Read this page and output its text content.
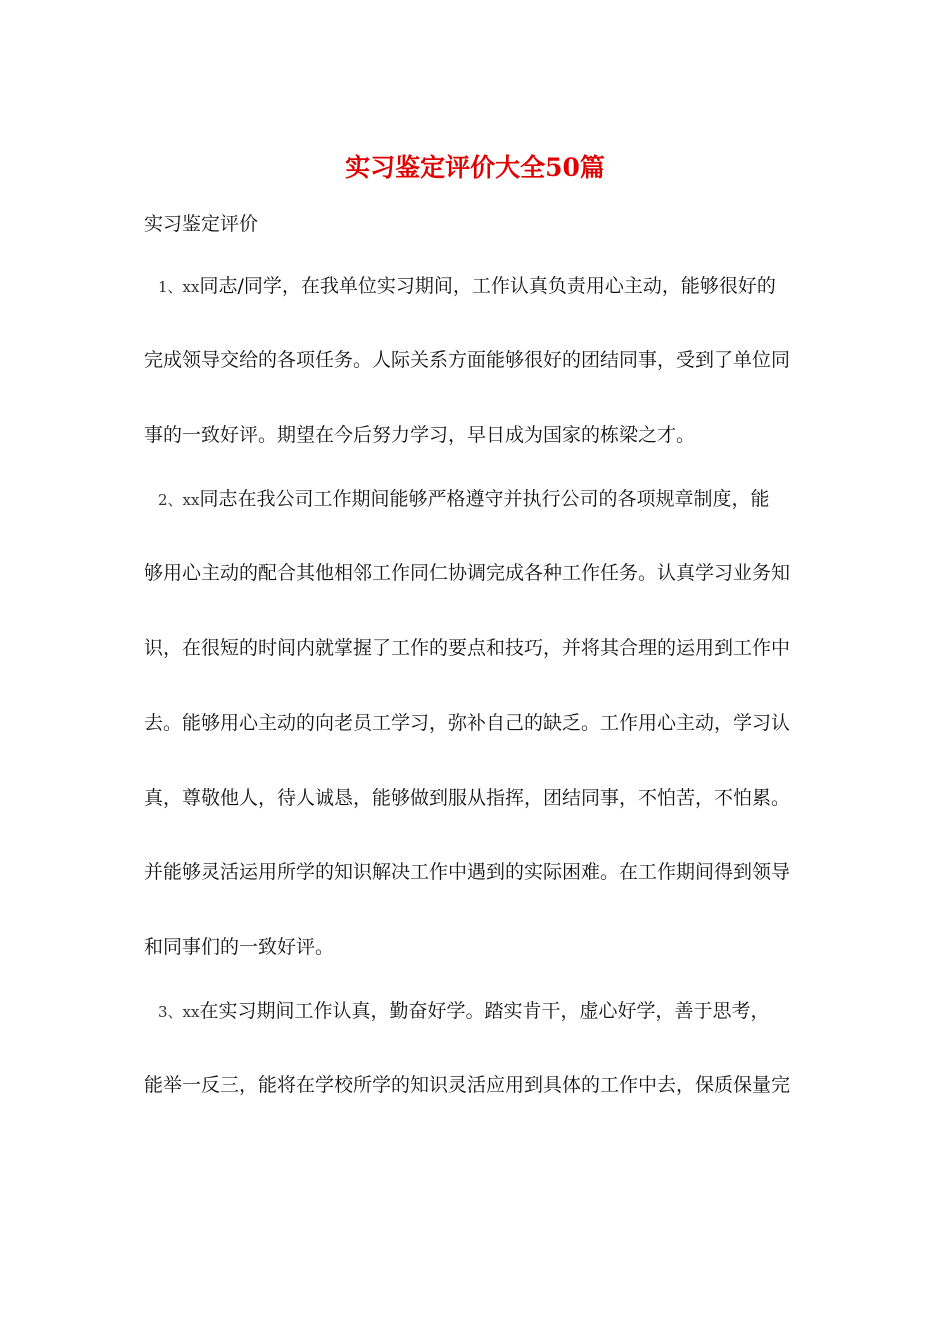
实习鉴定评价大全50篇
实习鉴定评价
1、xx同志/同学，在我单位实习期间，工作认真负责用心主动，能够很好的
完成领导交给的各项任务。人际关系方面能够很好的团结同事，受到了单位同
事的一致好评。期望在今后努力学习，早日成为国家的栋梁之才。
2、xx同志在我公司工作期间能够严格遵守并执行公司的各项规章制度，能
够用心主动的配合其他相邻工作同仁协调完成各种工作任务。认真学习业务知
识，在很短的时间内就掌握了工作的要点和技巧，并将其合理的运用到工作中
去。能够用心主动的向老员工学习，弥补自己的缺乏。工作用心主动，学习认
真，尊敬他人，待人诚恳，能够做到服从指挥，团结同事，不怕苦，不怕累。
并能够灵活运用所学的知识解决工作中遇到的实际困难。在工作期间得到领导
和同事们的一致好评。
3、xx在实习期间工作认真，勤奋好学。踏实肯干，虚心好学，善于思考，
能举一反三，能将在学校所学的知识灵活应用到具体的工作中去，保质保量完
